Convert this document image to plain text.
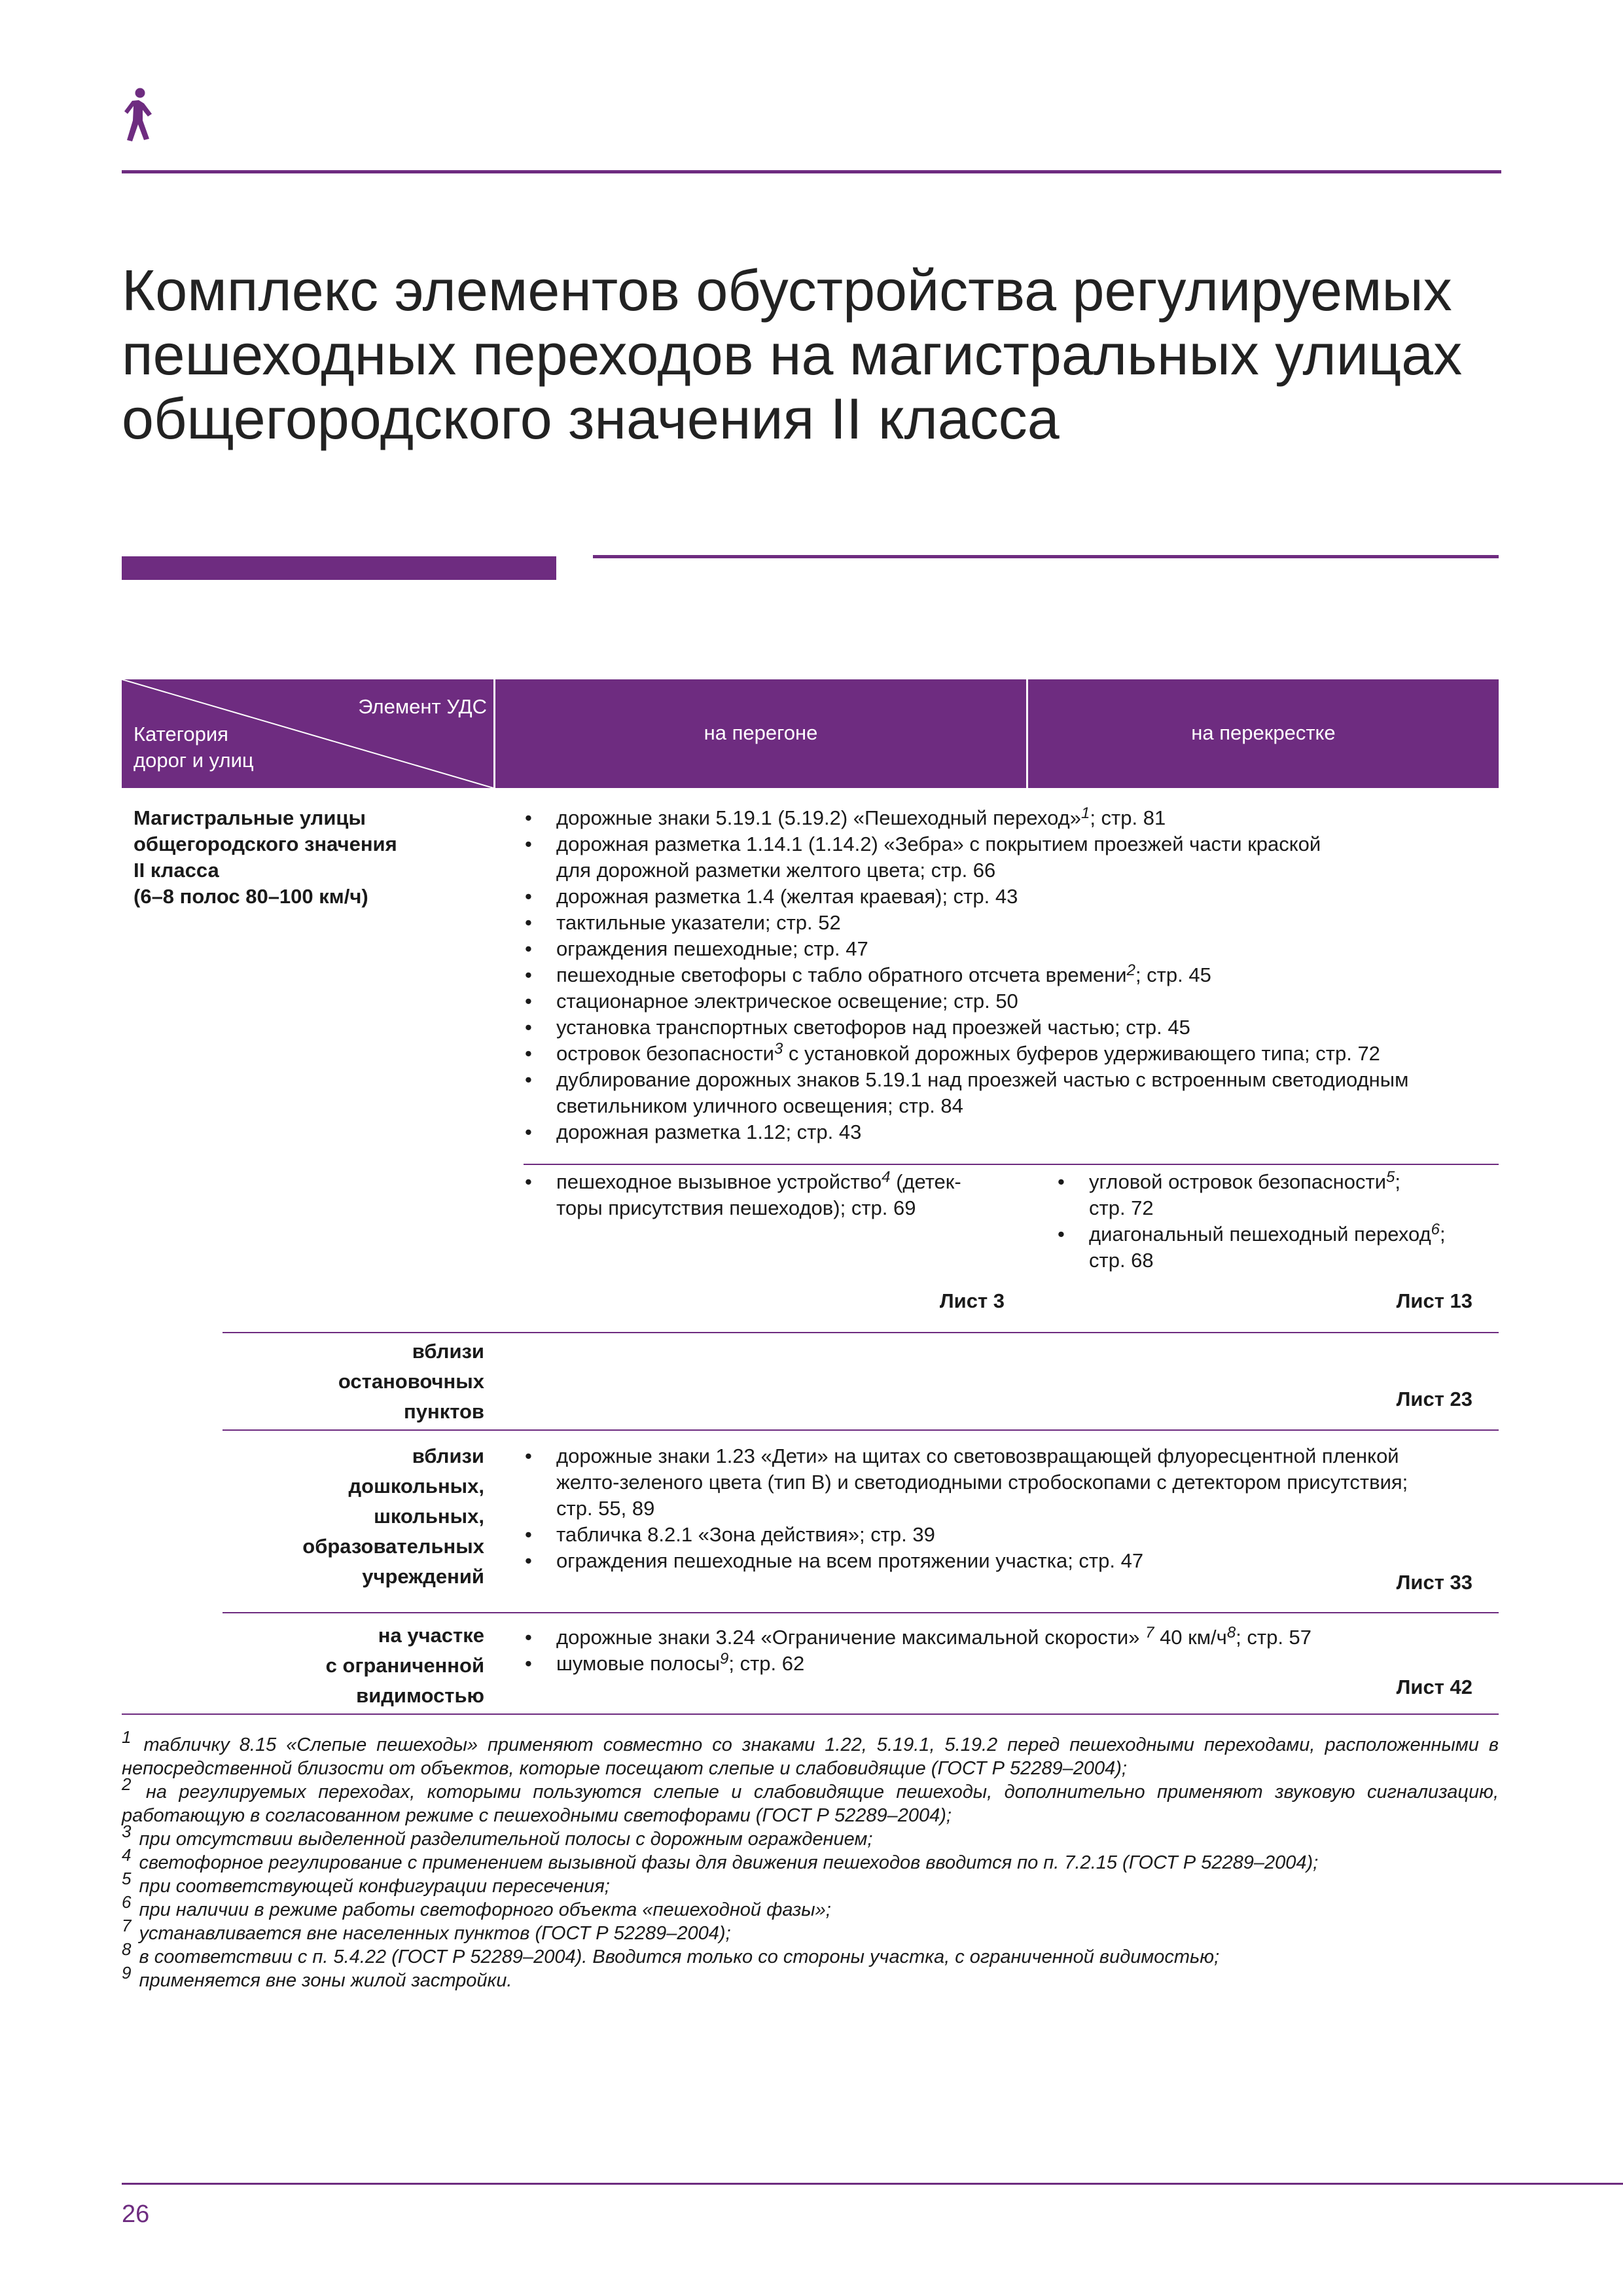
Комплекс элементов обустройства регулируемых
пешеходных переходов на магистральных улицах
общегородского значения II класса
Элемент УДС
Категория
дорог и улиц
на перегоне	на перекрестке
Магистральные улицы
общегородского значения
II класса
(6–8 полос 80–100 км/ч)
• дорожные знаки 5.19.1 (5.19.2) «Пешеходный переход»$^1$; стр. 81
• дорожная разметка 1.14.1 (1.14.2) «Зебра» с покрытием проезжей части краской
для дорожной разметки желтого цвета; стр. 66
• дорожная разметка 1.4 (желтая краевая); стр. 43
• тактильные указатели; стр. 52
• ограждения пешеходные; стр. 47
• пешеходные светофоры с табло обратного отсчета времени$^2$; стр. 45
• стационарное электрическое освещение; стр. 50
• установка транспортных светофоров над проезжей частью; стр. 45
• островок безопасности$^3$ с установкой дорожных буферов удерживающего типа; стр. 72
• дублирование дорожных знаков 5.19.1 над проезжей частью с встроенным светодиодным
светильником уличного освещения; стр. 84
• дорожная разметка 1.12; стр. 43
• пешеходное вызывное устройство$^4$ (детек-
торы присутствия пешеходов); стр. 69
• угловой островок безопасности$^5$;
стр. 72
• диагональный пешеходный переход$^6$;
стр. 68
Лист 3	Лист 13
вблизи
остановочных
пунктов
Лист 23
вблизи
дошкольных,
школьных,
образовательных
учреждений
• дорожные знаки 1.23 «Дети» на щитах со световозвращающей флуоресцентной пленкой
желто-зеленого цвета (тип В) и светодиодными стробоскопами с детектором присутствия;
стр. 55, 89
• табличка 8.2.1 «Зона действия»; стр. 39
• ограждения пешеходные на всем протяжении участка; стр. 47
Лист 33
на участке
с ограниченной
видимостью
• дорожные знаки 3.24 «Ограничение максимальной скорости» $^7$ 40 $км/ч^8$; стр. 57
• шумовые полосы$^9$; стр. 62
Лист 42
$^1$ табличку 8.15 «Слепые пешеходы» применяют совместно со знаками 1.22, 5.19.1, 5.19.2 перед пешеходными переходами, расположенными в непосредственной близости от объектов, которые посещают слепые и слабовидящие (ГОСТ Р 52289–2004);
$^2$ на регулируемых переходах, которыми пользуются слепые и слабовидящие пешеходы, дополнительно применяют звуковую сигнализацию, работающую в согласованном режиме с пешеходными светофорами (ГОСТ Р 52289–2004);
$^3$ при отсутствии выделенной разделительной полосы с дорожным ограждением;
$^4$ светофорное регулирование с применением вызывной фазы для движения пешеходов вводится по п. 7.2.15 (ГОСТ Р 52289–2004);
$^5$ при соответствующей конфигурации пересечения;
$^6$ при наличии в режиме работы светофорного объекта «пешеходной фазы»;
$^7$ устанавливается вне населенных пунктов (ГОСТ Р 52289–2004);
$^8$ в соответствии с п. 5.4.22 (ГОСТ Р 52289–2004). Вводится только со стороны участка, с ограниченной видимостью;
$^9$ применяется вне зоны жилой застройки.
26
